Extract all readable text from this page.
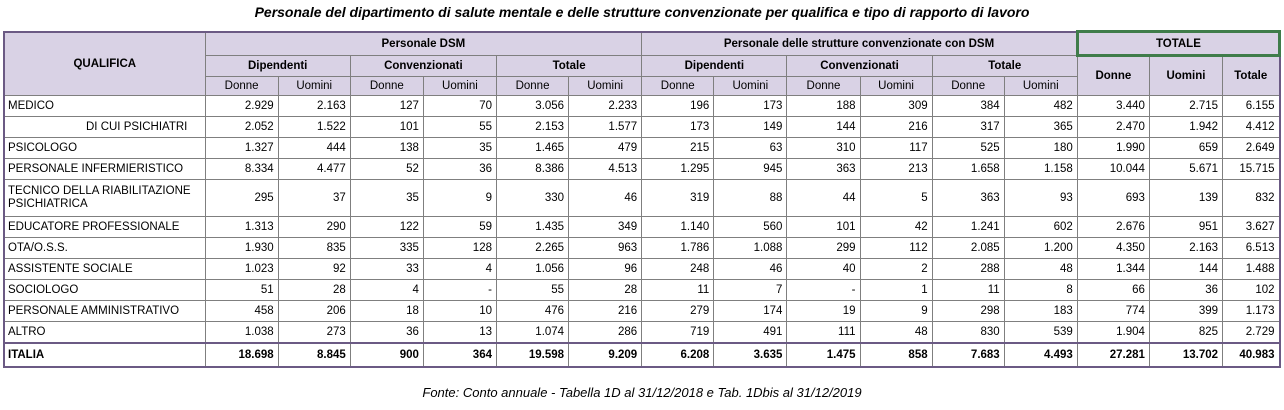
Personale del dipartimento di salute mentale e delle strutture convenzionate per qualifica e tipo di rapporto di lavoro
QUALIFICA	Personale DSM						Personale delle strutture convenzionate con DSM						TOTALE		
	Dipendenti		Convenzionati		Totale		Dipendenti		Convenzionati		Totale		Donne	Uomini	Totale
	Donne	Uomini	Donne	Uomini	Donne	Uomini	Donne	Uomini	Donne	Uomini	Donne	Uomini			
MEDICO	2.929	2.163	127	70	3.056	2.233	196	173	188	309	384	482	3.440	2.715	6.155
DI CUI PSICHIATRI	2.052	1.522	101	55	2.153	1.577	173	149	144	216	317	365	2.470	1.942	4.412
PSICOLOGO	1.327	444	138	35	1.465	479	215	63	310	117	525	180	1.990	659	2.649
PERSONALE INFERMIERISTICO	8.334	4.477	52	36	8.386	4.513	1.295	945	363	213	1.658	1.158	10.044	5.671	15.715
TECNICO DELLA RIABILITAZIONE PSICHIATRICA	295	37	35	9	330	46	319	88	44	5	363	93	693	139	832
EDUCATORE PROFESSIONALE	1.313	290	122	59	1.435	349	1.140	560	101	42	1.241	602	2.676	951	3.627
OTA/O.S.S.	1.930	835	335	128	2.265	963	1.786	1.088	299	112	2.085	1.200	4.350	2.163	6.513
ASSISTENTE SOCIALE	1.023	92	33	4	1.056	96	248	46	40	2	288	48	1.344	144	1.488
SOCIOLOGO	51	28	4	-	55	28	11	7	-	1	11	8	66	36	102
PERSONALE AMMINISTRATIVO	458	206	18	10	476	216	279	174	19	9	298	183	774	399	1.173
ALTRO	1.038	273	36	13	1.074	286	719	491	111	48	830	539	1.904	825	2.729
ITALIA	18.698	8.845	900	364	19.598	9.209	6.208	3.635	1.475	858	7.683	4.493	27.281	13.702	40.983
Fonte: Conto annuale - Tabella 1D al 31/12/2018 e Tab. 1Dbis al 31/12/2019
